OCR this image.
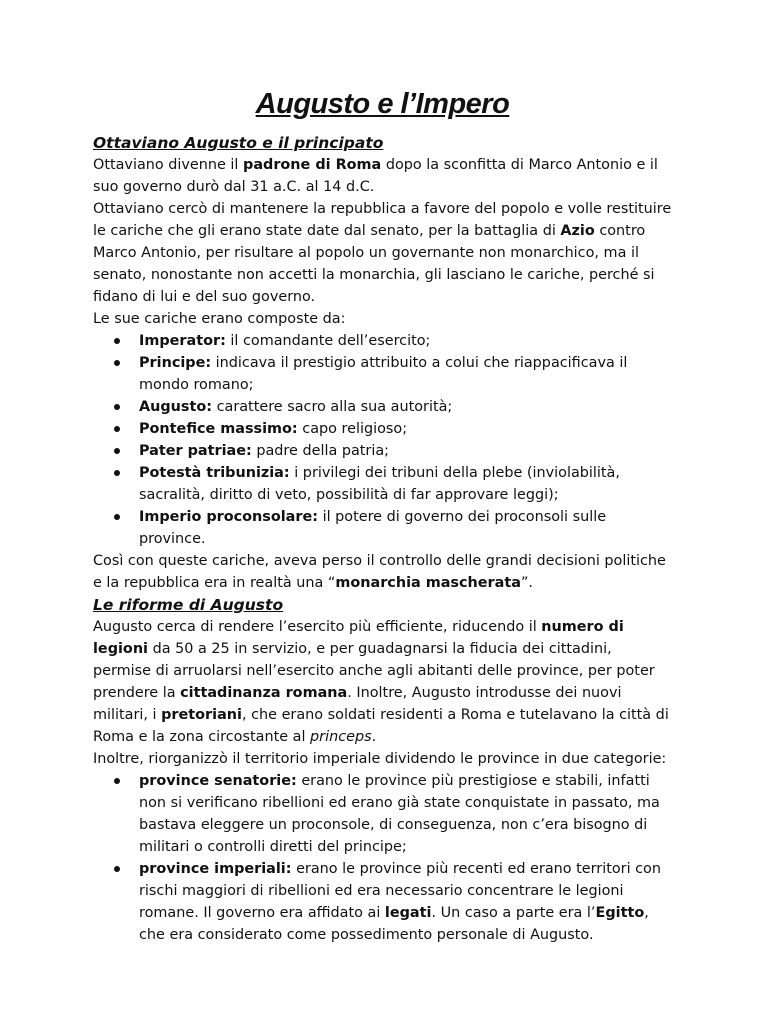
Augusto e l’Impero
Ottaviano Augusto e il principato

Ottaviano divenne il padrone di Roma dopo la sconfitta di Marco Antonio e il suo governo durò dal 31 a.C. al 14 d.C.

Ottaviano cercò di mantenere la repubblica a favore del popolo e volle restituire le cariche che gli erano state date dal senato, per la battaglia di Azio contro Marco Antonio, per risultare al popolo un governante non monarchico, ma il senato, nonostante non accetti la monarchia, gli lasciano le cariche, perché si fidano di lui e del suo governo.

Le sue cariche erano composte da:

Imperator: il comandante dell’esercito;
Principe: indicava il prestigio attribuito a colui che riappacificava il mondo romano;
Augusto: carattere sacro alla sua autorità;
Pontefice massimo: capo religioso;
Pater patriae: padre della patria;
Potestà tribunizia: i privilegi dei tribuni della plebe (inviolabilità, sacralità, diritto di veto, possibilità di far approvare leggi);
Imperio proconsolare: il potere di governo dei proconsoli sulle province.

Così con queste cariche, aveva perso il controllo delle grandi decisioni politiche e la repubblica era in realtà una “monarchia mascherata”.

Le riforme di Augusto

Augusto cerca di rendere l’esercito più efficiente, riducendo il numero di legioni da 50 a 25 in servizio, e per guadagnarsi la fiducia dei cittadini, permise di arruolarsi nell’esercito anche agli abitanti delle province, per poter prendere la cittadinanza romana. Inoltre, Augusto introdusse dei nuovi militari, i pretoriani, che erano soldati residenti a Roma e tutelavano la città di Roma e la zona circostante al princeps.

Inoltre, riorganizzò il territorio imperiale dividendo le province in due categorie:

province senatorie: erano le province più prestigiose e stabili, infatti non si verificano ribellioni ed erano già state conquistate in passato, ma bastava eleggere un proconsole, di conseguenza, non c’era bisogno di militari o controlli diretti del principe;
province imperiali: erano le province più recenti ed erano territori con rischi maggiori di ribellioni ed era necessario concentrare le legioni romane. Il governo era affidato ai legati. Un caso a parte era l’Egitto, che era considerato come possedimento personale di Augusto.
